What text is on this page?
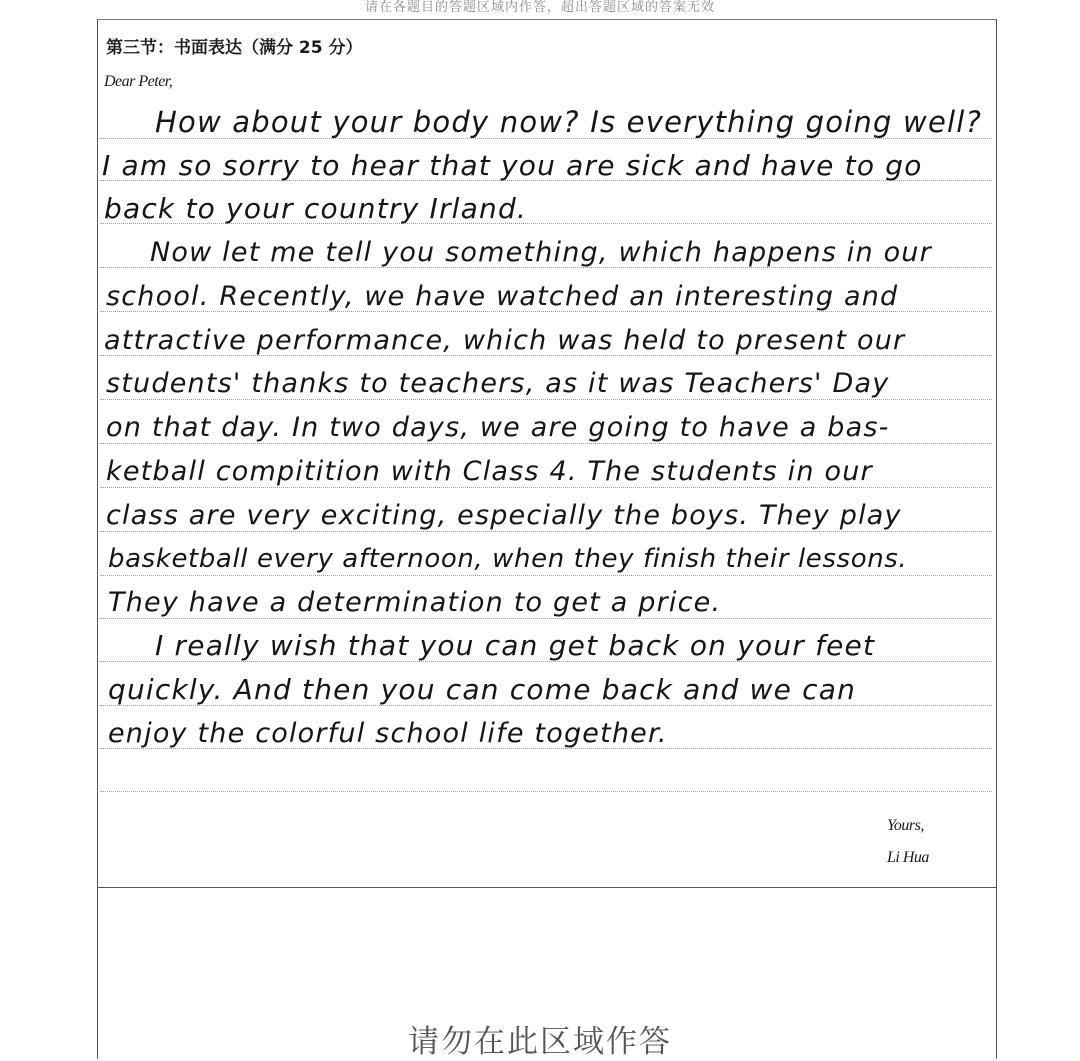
请在各题目的答题区域内作答，超出答题区域的答案无效
第三节：书面表达（满分 25 分）
Dear Peter,
How about your body now? Is everything going well?
I am so sorry to hear that you are sick and have to go
back to your country Irland.
Now let me tell you something, which happens in our
school. Recently, we have watched an interesting and
attractive performance, which was held to present our
students' thanks to teachers, as it was Teachers' Day
on that day. In two days, we are going to have a bas-
ketball compitition with Class 4. The students in our
class are very exciting, especially the boys. They play
basketball every afternoon, when they finish their lessons.
They have a determination to get a price.
I really wish that you can get back on your feet
quickly. And then you can come back and we can
enjoy the colorful school life together.
Yours,
Li Hua
请勿在此区域作答
